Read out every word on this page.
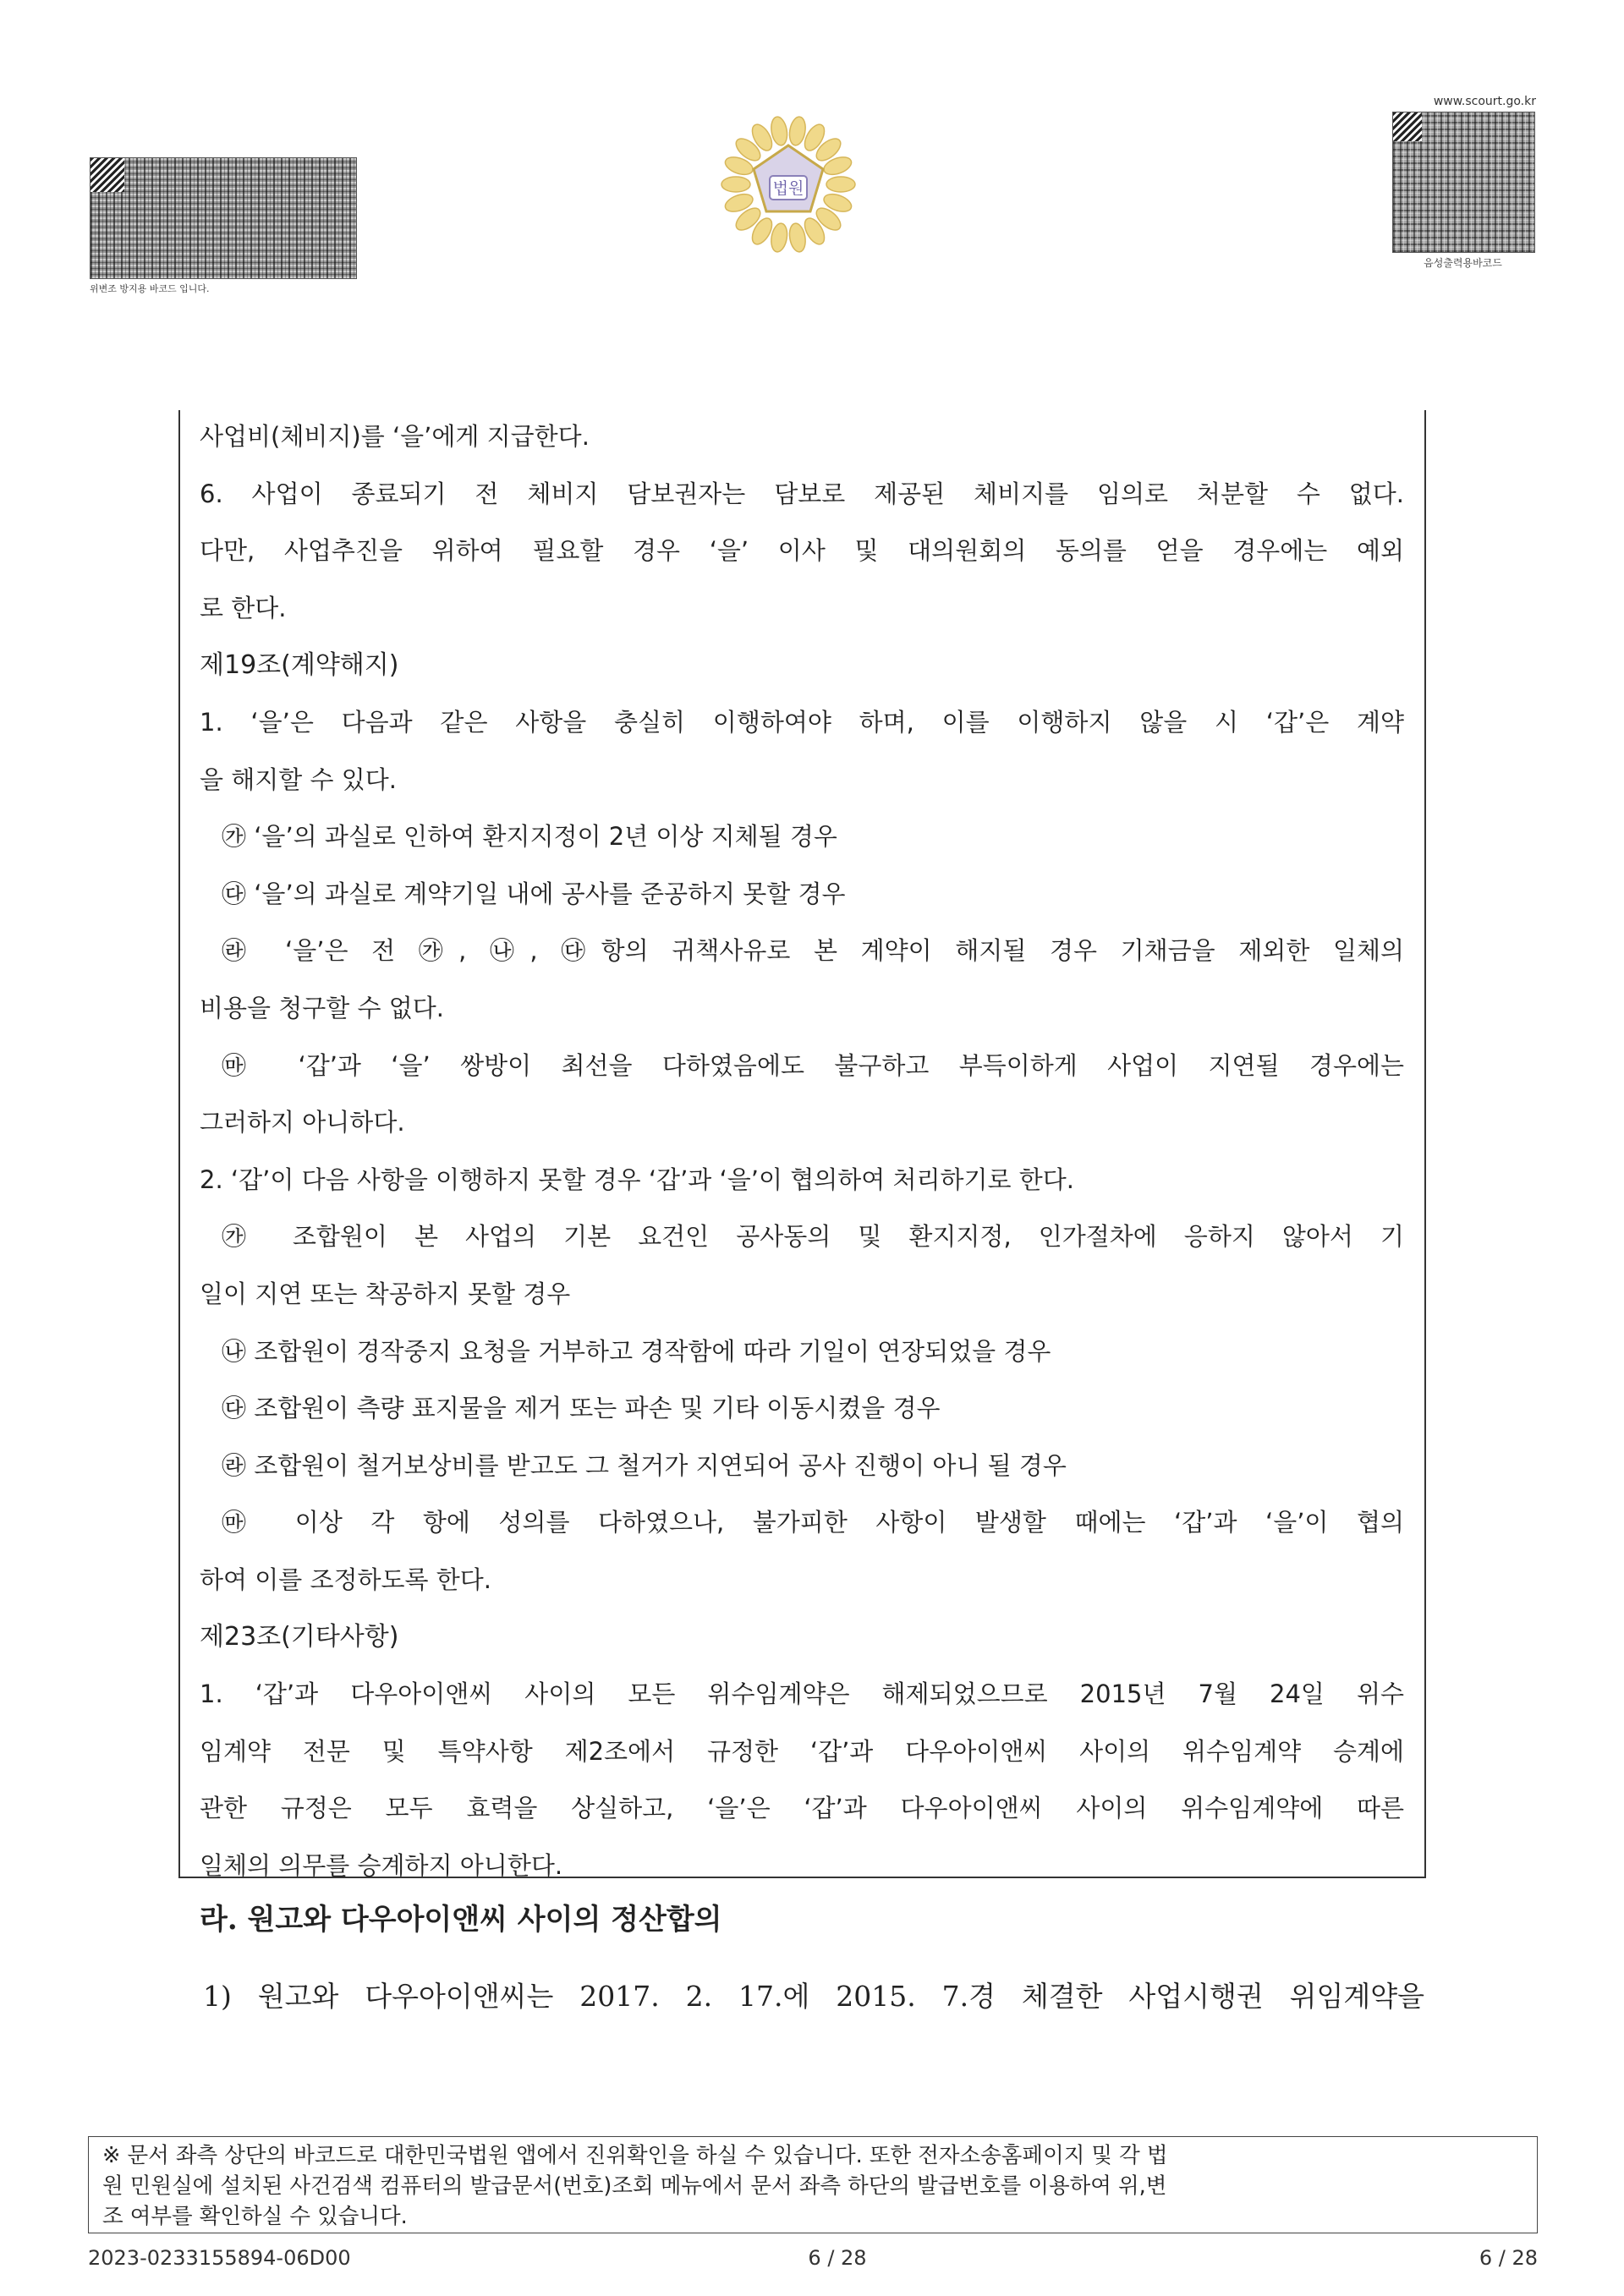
위변조 방지용 바코드 입니다.
법원
www.scourt.go.kr
음성출력용바코드
사업비(체비지)를 ‘을’에게 지급한다.
6. 사업이 종료되기 전 체비지 담보권자는 담보로 제공된 체비지를 임의로 처분할 수 없다.
다만, 사업추진을 위하여 필요할 경우 ‘을’ 이사 및 대의원회의 동의를 얻을 경우에는 예외
로 한다.
제19조(계약해지)
1. ‘을’은 다음과 같은 사항을 충실히 이행하여야 하며, 이를 이행하지 않을 시 ‘갑’은 계약
을 해지할 수 있다.
㉮ ‘을’의 과실로 인하여 환지지정이 2년 이상 지체될 경우
㉰ ‘을’의 과실로 계약기일 내에 공사를 준공하지 못할 경우
㉱ ‘을’은 전 ㉮, ㉯, ㉰항의 귀책사유로 본 계약이 해지될 경우 기채금을 제외한 일체의
비용을 청구할 수 없다.
㉲ ‘갑’과 ‘을’ 쌍방이 최선을 다하였음에도 불구하고 부득이하게 사업이 지연될 경우에는
그러하지 아니하다.
2. ‘갑’이 다음 사항을 이행하지 못할 경우 ‘갑’과 ‘을’이 협의하여 처리하기로 한다.
㉮ 조합원이 본 사업의 기본 요건인 공사동의 및 환지지정, 인가절차에 응하지 않아서 기
일이 지연 또는 착공하지 못할 경우
㉯ 조합원이 경작중지 요청을 거부하고 경작함에 따라 기일이 연장되었을 경우
㉰ 조합원이 측량 표지물을 제거 또는 파손 및 기타 이동시켰을 경우
㉱ 조합원이 철거보상비를 받고도 그 철거가 지연되어 공사 진행이 아니 될 경우
㉲ 이상 각 항에 성의를 다하였으나, 불가피한 사항이 발생할 때에는 ‘갑’과 ‘을’이 협의
하여 이를 조정하도록 한다.
제23조(기타사항)
1. ‘갑’과 다우아이앤씨 사이의 모든 위수임계약은 해제되었으므로 2015년 7월 24일 위수
임계약 전문 및 특약사항 제2조에서 규정한 ‘갑’과 다우아이앤씨 사이의 위수임계약 승계에
관한 규정은 모두 효력을 상실하고, ‘을’은 ‘갑’과 다우아이앤씨 사이의 위수임계약에 따른
일체의 의무를 승계하지 아니한다.
라. 원고와 다우아이앤씨 사이의 정산합의
1) 원고와 다우아이앤씨는 2017. 2. 17.에 2015. 7.경 체결한 사업시행권 위임계약을
※ 문서 좌측 상단의 바코드로 대한민국법원 앱에서 진위확인을 하실 수 있습니다. 또한 전자소송홈페이지 및 각 법
원 민원실에 설치된 사건검색 컴퓨터의 발급문서(번호)조회 메뉴에서 문서 좌측 하단의 발급번호를 이용하여 위,변
조 여부를 확인하실 수 있습니다.
2023-0233155894-06D00	6 / 28	6 / 28
